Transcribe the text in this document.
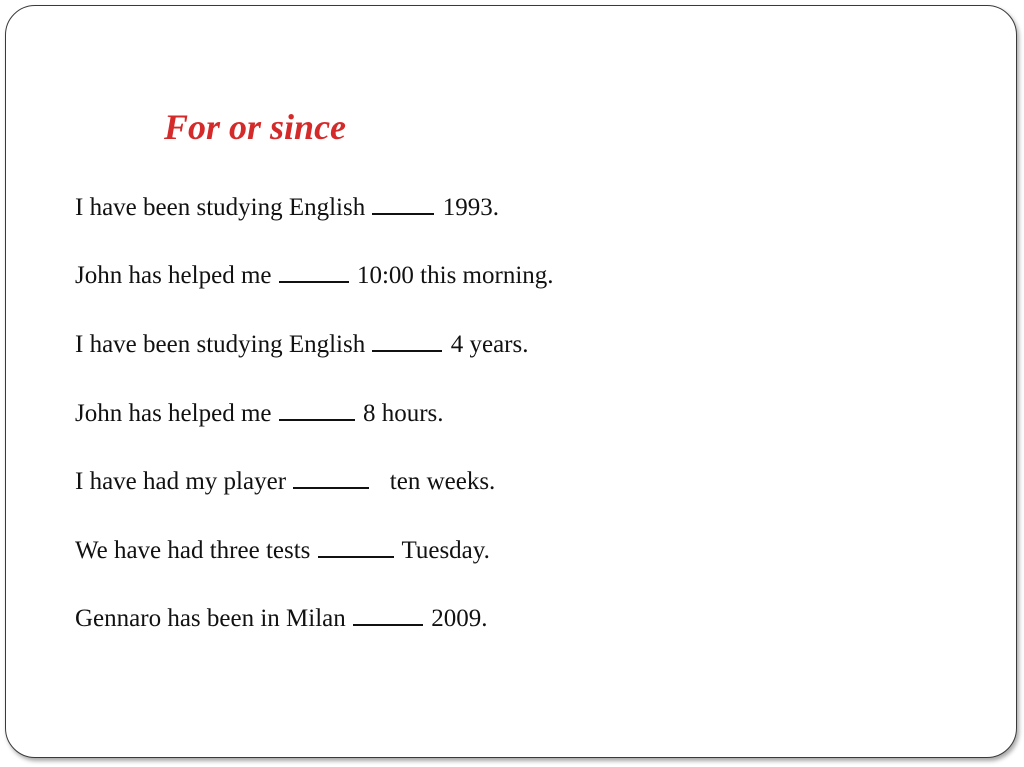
For or since

I have been studying English	1993.

John has helped me	10:00 this morning.

I have been studying English	4 years.

John has helped me	8 hours.

I have had my player	ten weeks.

We have had three tests	Tuesday.

Gennaro has been in Milan	2009.
